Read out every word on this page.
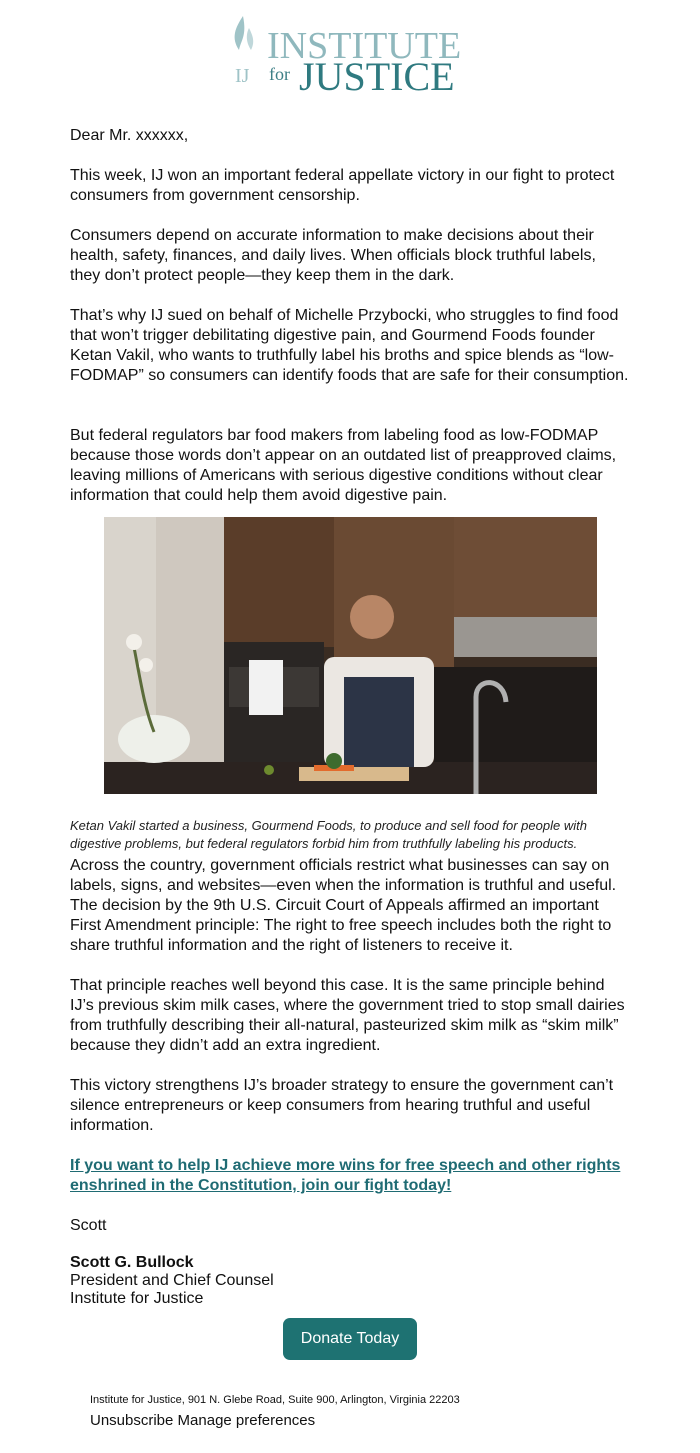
INSTITUTE
IJ for JUSTICE

Dear Mr. xxxxxx,

This week, IJ won an important federal appellate victory in our fight to protect consumers from government censorship.

Consumers depend on accurate information to make decisions about their health, safety, finances, and daily lives. When officials block truthful labels, they don’t protect people—they keep them in the dark.

That’s why IJ sued on behalf of Michelle Przybocki, who struggles to find food that won’t trigger debilitating digestive pain, and Gourmend Foods founder Ketan Vakil, who wants to truthfully label his broths and spice blends as “low-FODMAP” so consumers can identify foods that are safe for their consumption.

But federal regulators bar food makers from labeling food as low-FODMAP because those words don’t appear on an outdated list of preapproved claims, leaving millions of Americans with serious digestive conditions without clear information that could help them avoid digestive pain.

Ketan Vakil started a business, Gourmend Foods, to produce and sell food for people with digestive problems, but federal regulators forbid him from truthfully labeling his products.

Across the country, government officials restrict what businesses can say on labels, signs, and websites—even when the information is truthful and useful. The decision by the 9th U.S. Circuit Court of Appeals affirmed an important First Amendment principle: The right to free speech includes both the right to share truthful information and the right of listeners to receive it.

That principle reaches well beyond this case. It is the same principle behind IJ’s previous skim milk cases, where the government tried to stop small dairies from truthfully describing their all-natural, pasteurized skim milk as “skim milk” because they didn’t add an extra ingredient.

This victory strengthens IJ’s broader strategy to ensure the government can’t silence entrepreneurs or keep consumers from hearing truthful and useful information.

If you want to help IJ achieve more wins for free speech and other rights enshrined in the Constitution, join our fight today!

Scott

Scott G. Bullock

President and Chief Counsel

Institute for Justice

Donate Today
Institute for Justice, 901 N. Glebe Road, Suite 900, Arlington, Virginia 22203
Unsubscribe Manage preferences
